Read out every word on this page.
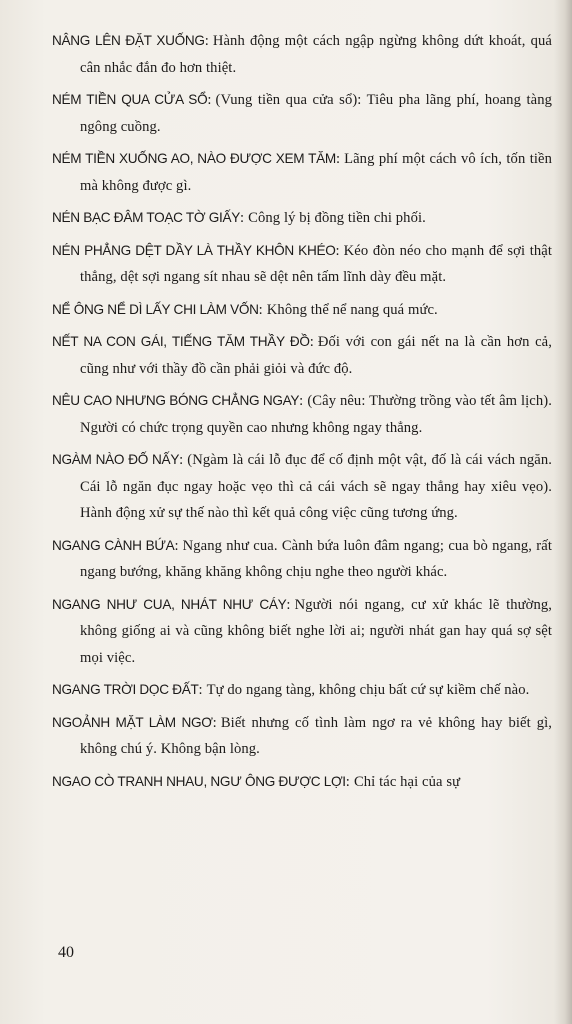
NÂNG LÊN ĐẶT XUỐNG: Hành động một cách ngập ngừng không dứt khoát, quá cân nhắc đắn đo hơn thiệt.

NÉM TIỀN QUA CỬA SỔ: (Vung tiền qua cửa sổ): Tiêu pha lãng phí, hoang tàng ngông cuồng.

NÉM TIỀN XUỐNG AO, NÀO ĐƯỢC XEM TĂM: Lãng phí một cách vô ích, tốn tiền mà không được gì.

NÉN BẠC ĐÂM TOẠC TỜ GIẤY: Công lý bị đồng tiền chi phối.

NÉN PHẲNG DỆT DẦY LÀ THẦY KHÔN KHÉO: Kéo đòn néo cho mạnh để sợi thật thẳng, dệt sợi ngang sít nhau sẽ dệt nên tấm lĩnh dày đều mặt.

NỂ ÔNG NỂ DÌ LẤY CHI LÀM VỐN: Không thể nể nang quá mức.

NẾT NA CON GÁI, TIẾNG TĂM THẦY ĐỒ: Đối với con gái nết na là cần hơn cả, cũng như với thầy đồ cần phải giỏi và đức độ.

NÊU CAO NHƯNG BÓNG CHẲNG NGAY: (Cây nêu: Thường trồng vào tết âm lịch). Người có chức trọng quyền cao nhưng không ngay thẳng.

NGÀM NÀO ĐỐ NẤY: (Ngàm là cái lỗ đục để cố định một vật, đố là cái vách ngăn. Cái lỗ ngăn đục ngay hoặc vẹo thì cả cái vách sẽ ngay thẳng hay xiêu vẹo). Hành động xử sự thế nào thì kết quả công việc cũng tương ứng.

NGANG CÀNH BỨA: Ngang như cua. Cành bứa luôn đâm ngang; cua bò ngang, rất ngang bướng, khăng khăng không chịu nghe theo người khác.

NGANG NHƯ CUA, NHÁT NHƯ CÁY: Người nói ngang, cư xử khác lẽ thường, không giống ai và cũng không biết nghe lời ai; người nhát gan hay quá sợ sệt mọi việc.

NGANG TRỜI DỌC ĐẤT: Tự do ngang tàng, không chịu bất cứ sự kiềm chế nào.

NGOẢNH MẶT LÀM NGƠ: Biết nhưng cố tình làm ngơ ra vẻ không hay biết gì, không chú ý. Không bận lòng.

NGAO CÒ TRANH NHAU, NGƯ ÔNG ĐƯỢC LỢI: Chỉ tác hại của sự

40
